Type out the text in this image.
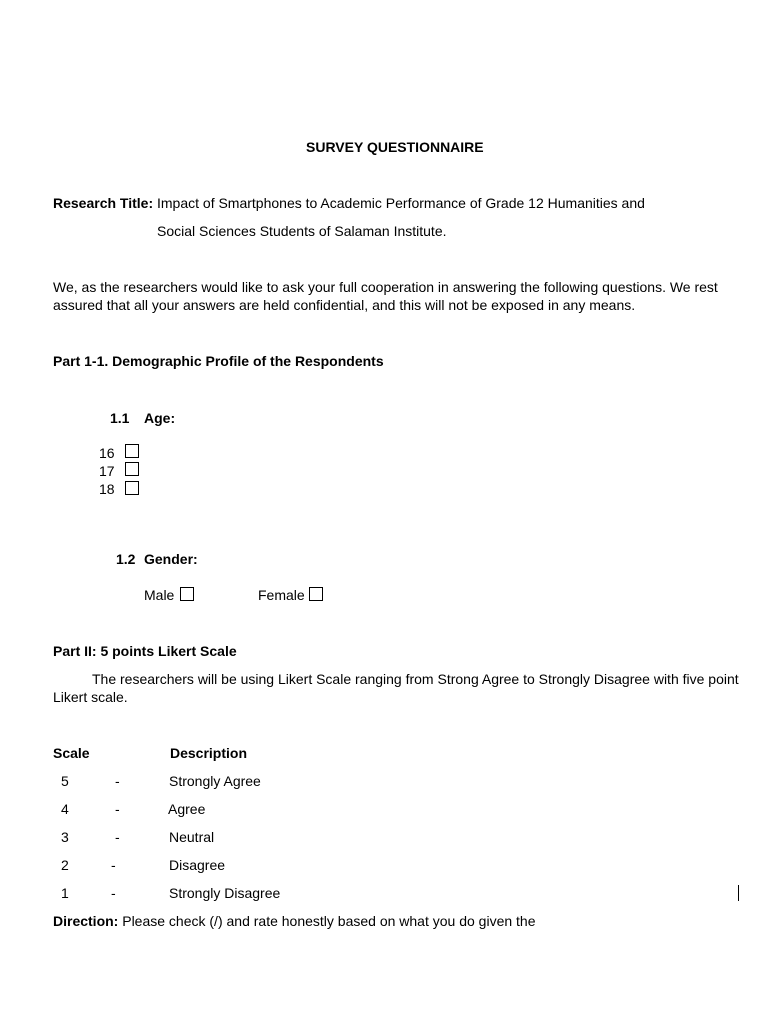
SURVEY QUESTIONNAIRE
Research Title: Impact of Smartphones to Academic Performance of Grade 12 Humanities and
Social Sciences Students of Salaman Institute.
We, as the researchers would like to ask your full cooperation in answering the following questions. We rest assured that all your answers are held confidential, and this will not be exposed in any means.
Part 1-1. Demographic Profile of the Respondents
1.1 Age:
16
17
18
1.2 Gender:
Male	Female
Part II: 5 points Likert Scale
The researchers will be using Likert Scale ranging from Strong Agree to Strongly Disagree with five point Likert scale.
Scale	Description
5	-	Strongly Agree
4	-	Agree
3	-	Neutral
2	-	Disagree
1	-	Strongly Disagree
Direction: Please check (/) and rate honestly based on what you do given the
